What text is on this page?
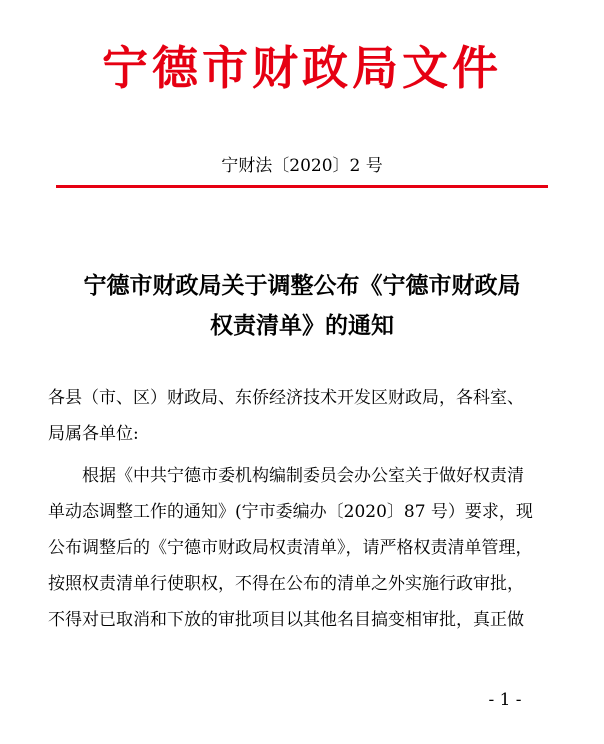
宁德市财政局文件
宁财法〔2020〕2 号
宁德市财政局关于调整公布《宁德市财政局
权责清单》的通知
各县（市、区）财政局、东侨经济技术开发区财政局，各科室、
局属各单位:
根据《中共宁德市委机构编制委员会办公室关于做好权责清
单动态调整工作的通知》(宁市委编办〔2020〕87 号）要求，现
公布调整后的《宁德市财政局权责清单》，请严格权责清单管理，
按照权责清单行使职权，不得在公布的清单之外实施行政审批，
不得对已取消和下放的审批项目以其他名目搞变相审批，真正做
- 1 -
